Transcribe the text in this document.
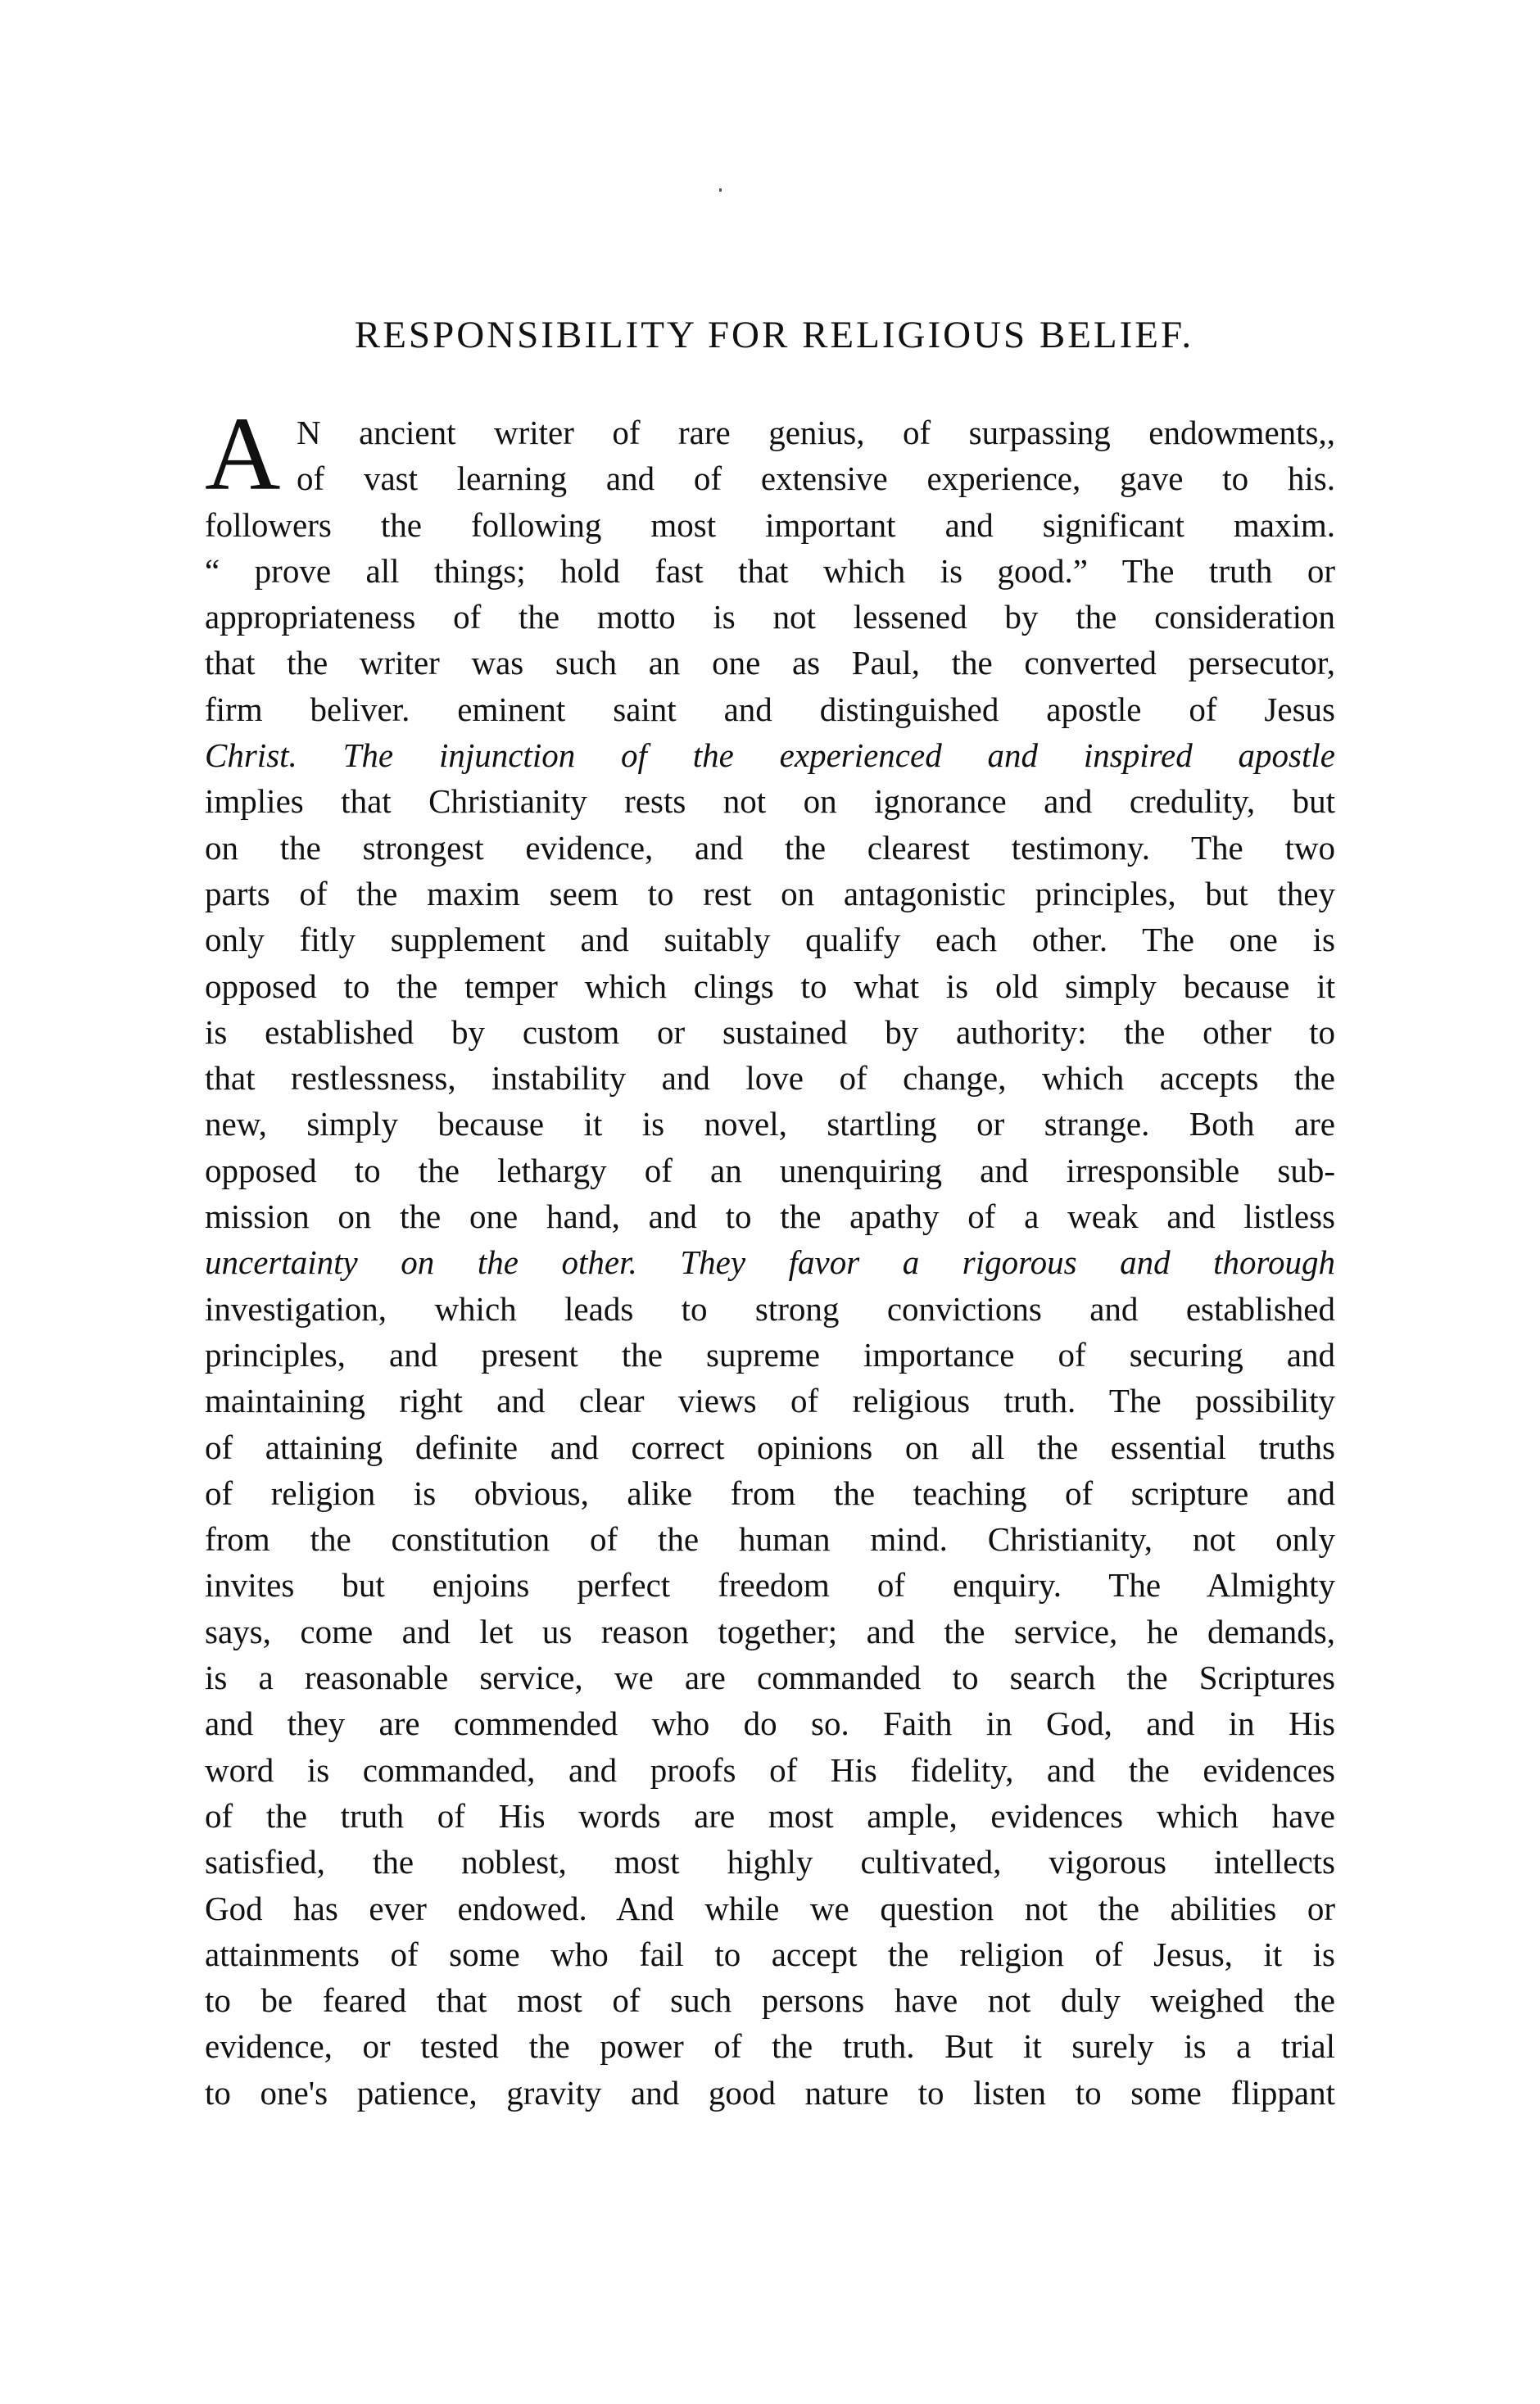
RESPONSIBILITY FOR RELIGIOUS BELIEF.
A N ancient writer of rare genius, of surpassing endowments,,
of vast learning and of extensive experience, gave to his.
followers the following most important and significant maxim.
“ prove all things; hold fast that which is good.” The truth or
appropriateness of the motto is not lessened by the consideration
that the writer was such an one as Paul, the converted persecutor,
firm beliver. eminent saint and distinguished apostle of Jesus
Christ. The injunction of the experienced and inspired apostle
implies that Christianity rests not on ignorance and credulity, but
on the strongest evidence, and the clearest testimony. The two
parts of the maxim seem to rest on antagonistic principles, but they
only fitly supplement and suitably qualify each other. The one is
opposed to the temper which clings to what is old simply because it
is established by custom or sustained by authority: the other to
that restlessness, instability and love of change, which accepts the
new, simply because it is novel, startling or strange. Both are
opposed to the lethargy of an unenquiring and irresponsible sub-
mission on the one hand, and to the apathy of a weak and listless
uncertainty on the other. They favor a rigorous and thorough
investigation, which leads to strong convictions and established
principles, and present the supreme importance of securing and
maintaining right and clear views of religious truth. The possibility
of attaining definite and correct opinions on all the essential truths
of religion is obvious, alike from the teaching of scripture and
from the constitution of the human mind. Christianity, not only
invites but enjoins perfect freedom of enquiry. The Almighty
says, come and let us reason together; and the service, he demands,
is a reasonable service, we are commanded to search the Scriptures
and they are commended who do so. Faith in God, and in His
word is commanded, and proofs of His fidelity, and the evidences
of the truth of His words are most ample, evidences which have
satisfied, the noblest, most highly cultivated, vigorous intellects
God has ever endowed. And while we question not the abilities or
attainments of some who fail to accept the religion of Jesus, it is
to be feared that most of such persons have not duly weighed the
evidence, or tested the power of the truth. But it surely is a trial
to one's patience, gravity and good nature to listen to some flippant
